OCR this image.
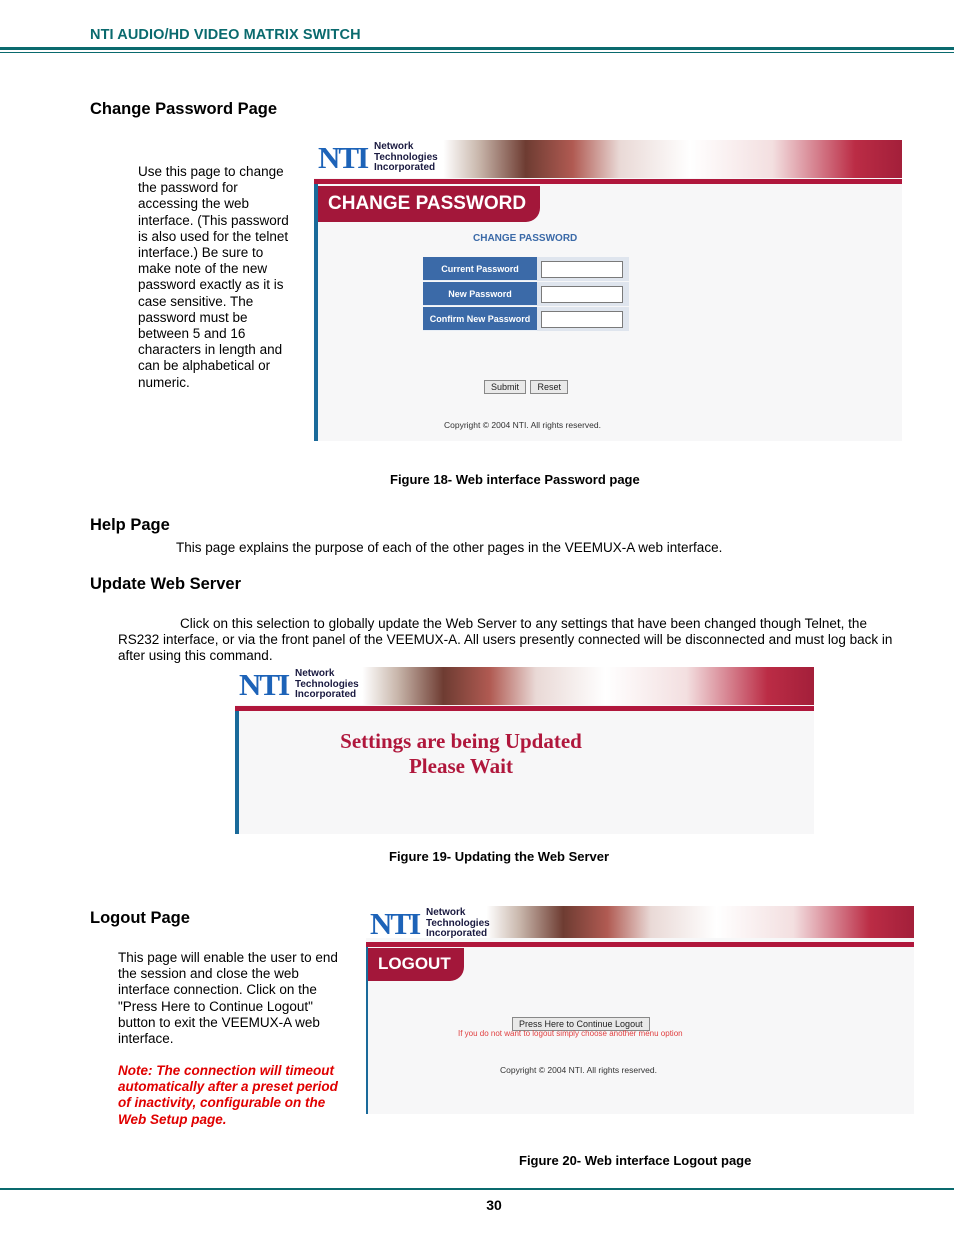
NTI AUDIO/HD VIDEO MATRIX SWITCH
Change Password Page

Use this page to change the password for accessing the web interface. (This password is also used for the telnet interface.) Be sure to make note of the new password exactly as it is case sensitive. The password must be between 5 and 16 characters in length and can be alphabetical or numeric.

NTI Network
Technologies
Incorporated
CHANGE PASSWORD
CHANGE PASSWORD
Current Password
New Password
Confirm New Password
Submit Reset
Copyright © 2004 NTI. All rights reserved.
Figure 18- Web interface Password page
Help Page

This page explains the purpose of each of the other pages in the VEEMUX-A web interface.

Update Web Server

Click on this selection to globally update the Web Server to any settings that have been changed though Telnet, the RS232 interface, or via the front panel of the VEEMUX-A. All users presently connected will be disconnected and must log back in after using this command.

NTI Network
Technologies
Incorporated
Settings are being Updated
Please Wait
Figure 19- Updating the Web Server
Logout Page

This page will enable the user to end the session and close the web interface connection. Click on the "Press Here to Continue Logout" button to exit the VEEMUX-A web interface.

Note: The connection will timeout automatically after a preset period of inactivity, configurable on the Web Setup page.

NTI Network
Technologies
Incorporated
LOGOUT
Press Here to Continue Logout
If you do not want to logout simply choose another menu option
Copyright © 2004 NTI. All rights reserved.
Figure 20- Web interface Logout page
30
